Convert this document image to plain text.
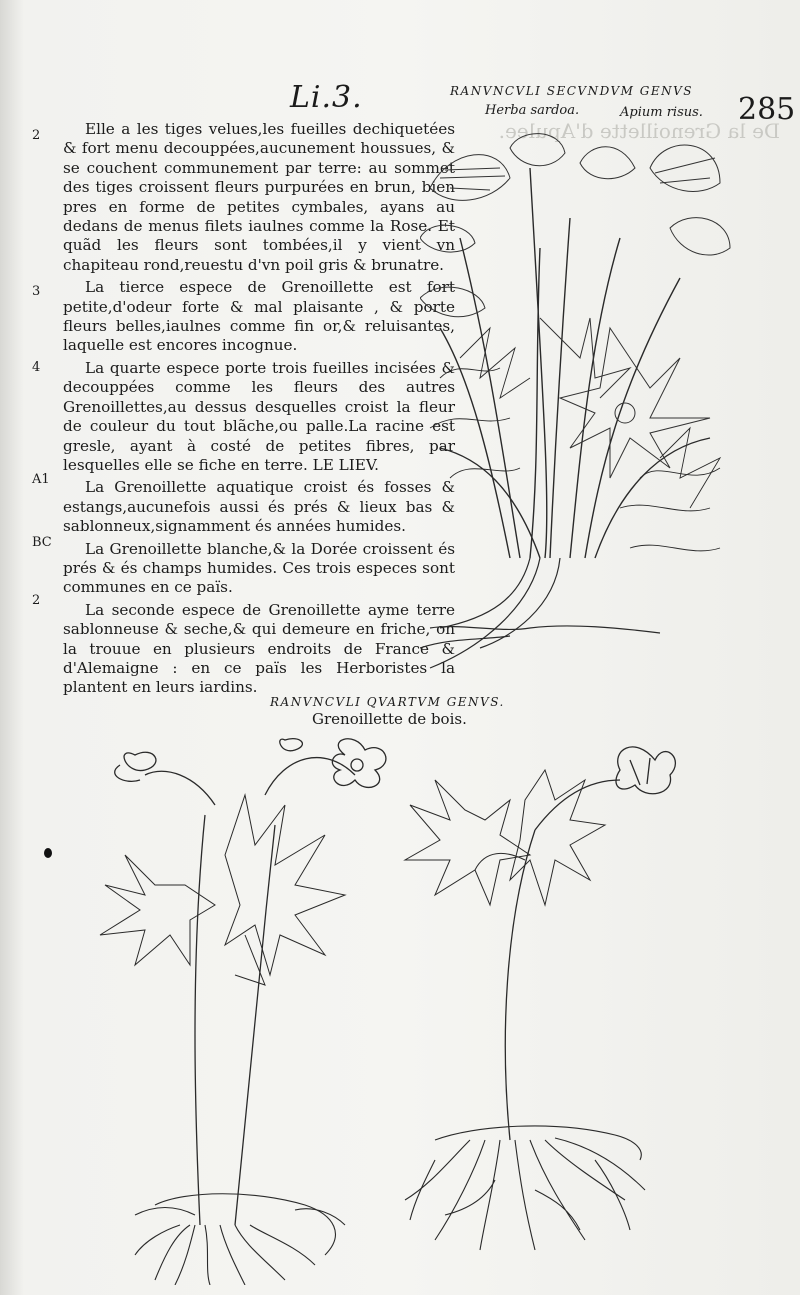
De la Grenoillette d'Apulee.
Li.3.	RANVNCVLI SECVNDVM GENVS
285
Herba sardoa.	Apium risus.
2
3
4
A1
BC
2

Elle a les tiges velues,les fueilles dechiquetées & fort menu decouppées,aucunement houssues, & se couchent communement par terre: au sommet des tiges croissent fleurs purpurées en brun, bien pres en forme de petites cymbales, ayans au dedans de menus filets iaulnes comme la Rose. Et quãd les fleurs sont tombées,il y vient vn chapiteau rond,reuestu d'vn poil gris & brunatre.

La tierce espece de Grenoillette est fort petite,d'odeur forte & mal plaisante , & porte fleurs belles,iaulnes comme fin or,& reluisantes, laquelle est encores incognue.

La quarte espece porte trois fueilles incisées & decouppées comme les fleurs des autres Grenoillettes,au dessus desquelles croist la fleur de couleur du tout blãche,ou palle.La racine est gresle, ayant à costé de petites fibres, par lesquelles elle se fiche en terre. LE LIEV.

La Grenoillette aquatique croist és fosses & estangs,aucunefois aussi és prés & lieux bas & sablonneux,signamment és années humides.

La Grenoillette blanche,& la Dorée croissent és prés & és champs humides. Ces trois especes sont communes en ce païs.

La seconde espece de Grenoillette ayme terre sablonneuse & seche,& qui demeure en friche, on la trouue en plusieurs endroits de France & d'Alemaigne : en ce païs les Herboristes la plantent en leurs iardins.

RANVNCVLI QVARTVM GENVS.
Grenoillette de bois.
